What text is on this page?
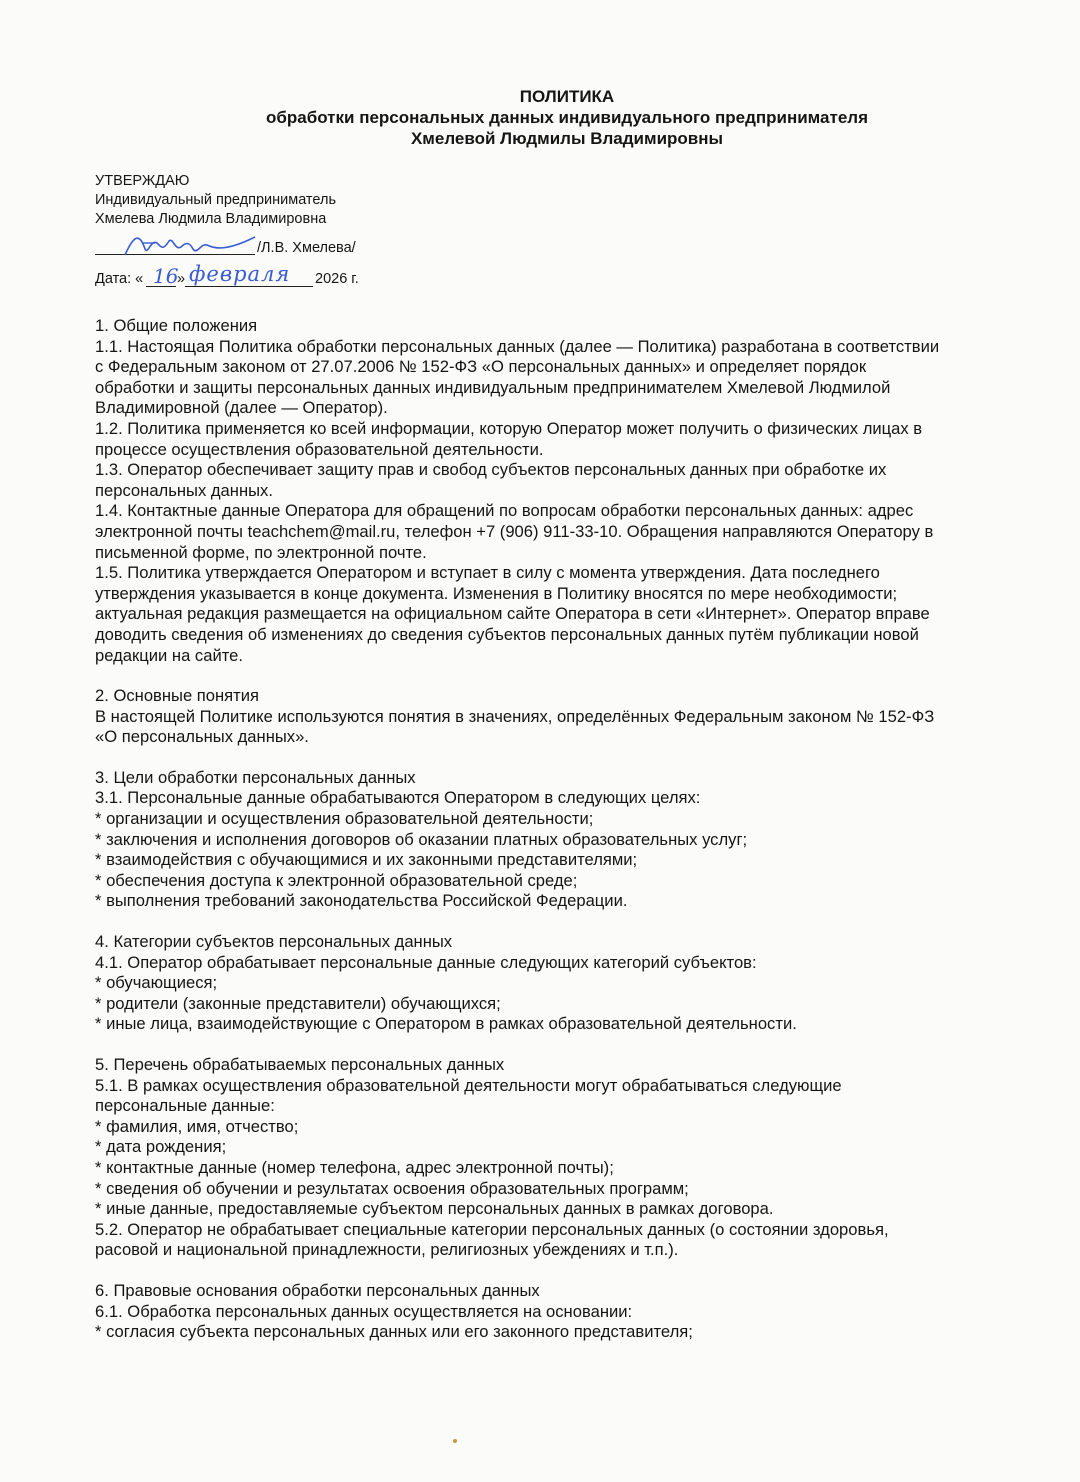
ПОЛИТИКА
обработки персональных данных индивидуального предпринимателя
Хмелевой Людмилы Владимировны
УТВЕРЖДАЮ
Индивидуальный предприниматель
Хмелева Людмила Владимировна
/Л.В. Хмелева/
Дата: « 16
» февраля 2026 г.

1. Общие положения

1.1. Настоящая Политика обработки персональных данных (далее — Политика) разработана в соответствии

с Федеральным законом от 27.07.2006 № 152-ФЗ «О персональных данных» и определяет порядок

обработки и защиты персональных данных индивидуальным предпринимателем Хмелевой Людмилой

Владимировной (далее — Оператор).

1.2. Политика применяется ко всей информации, которую Оператор может получить о физических лицах в

процессе осуществления образовательной деятельности.

1.3. Оператор обеспечивает защиту прав и свобод субъектов персональных данных при обработке их

персональных данных.

1.4. Контактные данные Оператора для обращений по вопросам обработки персональных данных: адрес

электронной почты teachchem@mail.ru, телефон +7 (906) 911-33-10. Обращения направляются Оператору в

письменной форме, по электронной почте.

1.5. Политика утверждается Оператором и вступает в силу с момента утверждения. Дата последнего

утверждения указывается в конце документа. Изменения в Политику вносятся по мере необходимости;

актуальная редакция размещается на официальном сайте Оператора в сети «Интернет». Оператор вправе

доводить сведения об изменениях до сведения субъектов персональных данных путём публикации новой

редакции на сайте.

2. Основные понятия

В настоящей Политике используются понятия в значениях, определённых Федеральным законом № 152-ФЗ

«О персональных данных».

3. Цели обработки персональных данных

3.1. Персональные данные обрабатываются Оператором в следующих целях:

* организации и осуществления образовательной деятельности;

* заключения и исполнения договоров об оказании платных образовательных услуг;

* взаимодействия с обучающимися и их законными представителями;

* обеспечения доступа к электронной образовательной среде;

* выполнения требований законодательства Российской Федерации.

4. Категории субъектов персональных данных

4.1. Оператор обрабатывает персональные данные следующих категорий субъектов:

* обучающиеся;

* родители (законные представители) обучающихся;

* иные лица, взаимодействующие с Оператором в рамках образовательной деятельности.

5. Перечень обрабатываемых персональных данных

5.1. В рамках осуществления образовательной деятельности могут обрабатываться следующие

персональные данные:

* фамилия, имя, отчество;

* дата рождения;

* контактные данные (номер телефона, адрес электронной почты);

* сведения об обучении и результатах освоения образовательных программ;

* иные данные, предоставляемые субъектом персональных данных в рамках договора.

5.2. Оператор не обрабатывает специальные категории персональных данных (о состоянии здоровья,

расовой и национальной принадлежности, религиозных убеждениях и т.п.).

6. Правовые основания обработки персональных данных

6.1. Обработка персональных данных осуществляется на основании:

* согласия субъекта персональных данных или его законного представителя;
